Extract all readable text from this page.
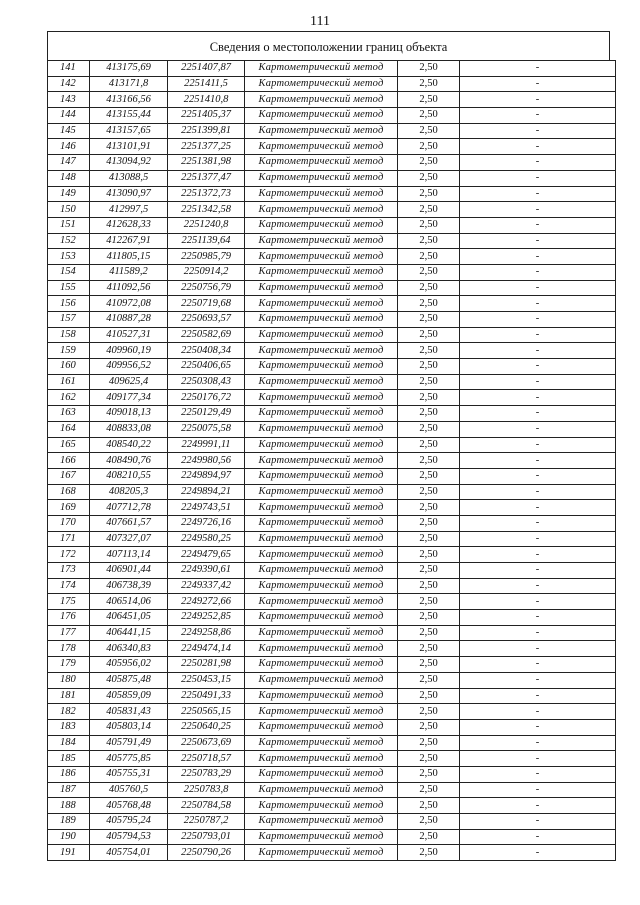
111
Сведения о местоположении границ объекта
141	413175,69	2251407,87	Картометрический метод	2,50	-
142	413171,8	2251411,5	Картометрический метод	2,50	-
143	413166,56	2251410,8	Картометрический метод	2,50	-
144	413155,44	2251405,37	Картометрический метод	2,50	-
145	413157,65	2251399,81	Картометрический метод	2,50	-
146	413101,91	2251377,25	Картометрический метод	2,50	-
147	413094,92	2251381,98	Картометрический метод	2,50	-
148	413088,5	2251377,47	Картометрический метод	2,50	-
149	413090,97	2251372,73	Картометрический метод	2,50	-
150	412997,5	2251342,58	Картометрический метод	2,50	-
151	412628,33	2251240,8	Картометрический метод	2,50	-
152	412267,91	2251139,64	Картометрический метод	2,50	-
153	411805,15	2250985,79	Картометрический метод	2,50	-
154	411589,2	2250914,2	Картометрический метод	2,50	-
155	411092,56	2250756,79	Картометрический метод	2,50	-
156	410972,08	2250719,68	Картометрический метод	2,50	-
157	410887,28	2250693,57	Картометрический метод	2,50	-
158	410527,31	2250582,69	Картометрический метод	2,50	-
159	409960,19	2250408,34	Картометрический метод	2,50	-
160	409956,52	2250406,65	Картометрический метод	2,50	-
161	409625,4	2250308,43	Картометрический метод	2,50	-
162	409177,34	2250176,72	Картометрический метод	2,50	-
163	409018,13	2250129,49	Картометрический метод	2,50	-
164	408833,08	2250075,58	Картометрический метод	2,50	-
165	408540,22	2249991,11	Картометрический метод	2,50	-
166	408490,76	2249980,56	Картометрический метод	2,50	-
167	408210,55	2249894,97	Картометрический метод	2,50	-
168	408205,3	2249894,21	Картометрический метод	2,50	-
169	407712,78	2249743,51	Картометрический метод	2,50	-
170	407661,57	2249726,16	Картометрический метод	2,50	-
171	407327,07	2249580,25	Картометрический метод	2,50	-
172	407113,14	2249479,65	Картометрический метод	2,50	-
173	406901,44	2249390,61	Картометрический метод	2,50	-
174	406738,39	2249337,42	Картометрический метод	2,50	-
175	406514,06	2249272,66	Картометрический метод	2,50	-
176	406451,05	2249252,85	Картометрический метод	2,50	-
177	406441,15	2249258,86	Картометрический метод	2,50	-
178	406340,83	2249474,14	Картометрический метод	2,50	-
179	405956,02	2250281,98	Картометрический метод	2,50	-
180	405875,48	2250453,15	Картометрический метод	2,50	-
181	405859,09	2250491,33	Картометрический метод	2,50	-
182	405831,43	2250565,15	Картометрический метод	2,50	-
183	405803,14	2250640,25	Картометрический метод	2,50	-
184	405791,49	2250673,69	Картометрический метод	2,50	-
185	405775,85	2250718,57	Картометрический метод	2,50	-
186	405755,31	2250783,29	Картометрический метод	2,50	-
187	405760,5	2250783,8	Картометрический метод	2,50	-
188	405768,48	2250784,58	Картометрический метод	2,50	-
189	405795,24	2250787,2	Картометрический метод	2,50	-
190	405794,53	2250793,01	Картометрический метод	2,50	-
191	405754,01	2250790,26	Картометрический метод	2,50	-
